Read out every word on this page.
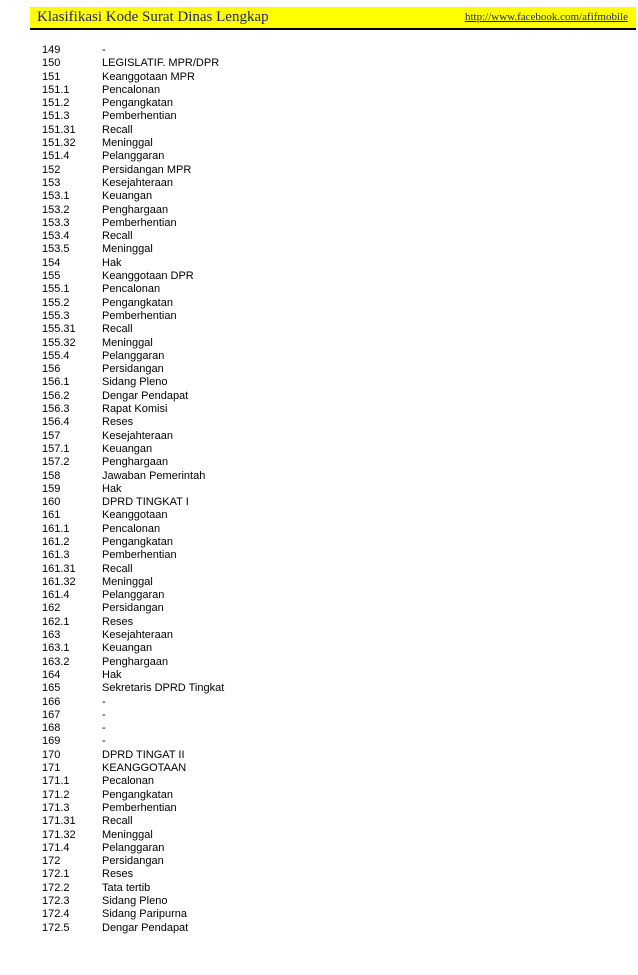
Klasifikasi Kode Surat Dinas Lengkap	http://www.facebook.com/afifmobile
149	-
150	LEGISLATIF. MPR/DPR
151	Keanggotaan MPR
151.1	Pencalonan
151.2	Pengangkatan
151.3	Pemberhentian
151.31 Recall
151.32 Meninggal
151.4	Pelanggaran
152	Persidangan MPR
153	Kesejahteraan
153.1	Keuangan
153.2	Penghargaan
153.3	Pemberhentian
153.4	Recall
153.5	Meninggal
154	Hak
155	Keanggotaan DPR
155.1	Pencalonan
155.2	Pengangkatan
155.3	Pemberhentian
155.31 Recall
155.32 Meninggal
155.4	Pelanggaran
156	Persidangan
156.1	Sidang Pleno
156.2	Dengar Pendapat
156.3	Rapat Komisi
156.4	Reses
157	Kesejahteraan
157.1	Keuangan
157.2	Penghargaan
158	Jawaban Pemerintah
159	Hak
160	DPRD TINGKAT I
161	Keanggotaan
161.1	Pencalonan
161.2	Pengangkatan
161.3	Pemberhentian
161.31 Recall
161.32 Meninggal
161.4	Pelanggaran
162	Persidangan
162.1	Reses
163	Kesejahteraan
163.1	Keuangan
163.2	Penghargaan
164	Hak
165	Sekretaris DPRD Tingkat
166	-
167	-
168	-
169	-
170	DPRD TINGAT II
171	KEANGGOTAAN
171.1	Pecalonan
171.2	Pengangkatan
171.3	Pemberhentian
171.31 Recall
171.32 Meninggal
171.4	Pelanggaran
172	Persidangan
172.1	Reses
172.2	Tata tertib
172.3	Sidang Pleno
172.4	Sidang Paripurna
172.5	Dengar Pendapat
